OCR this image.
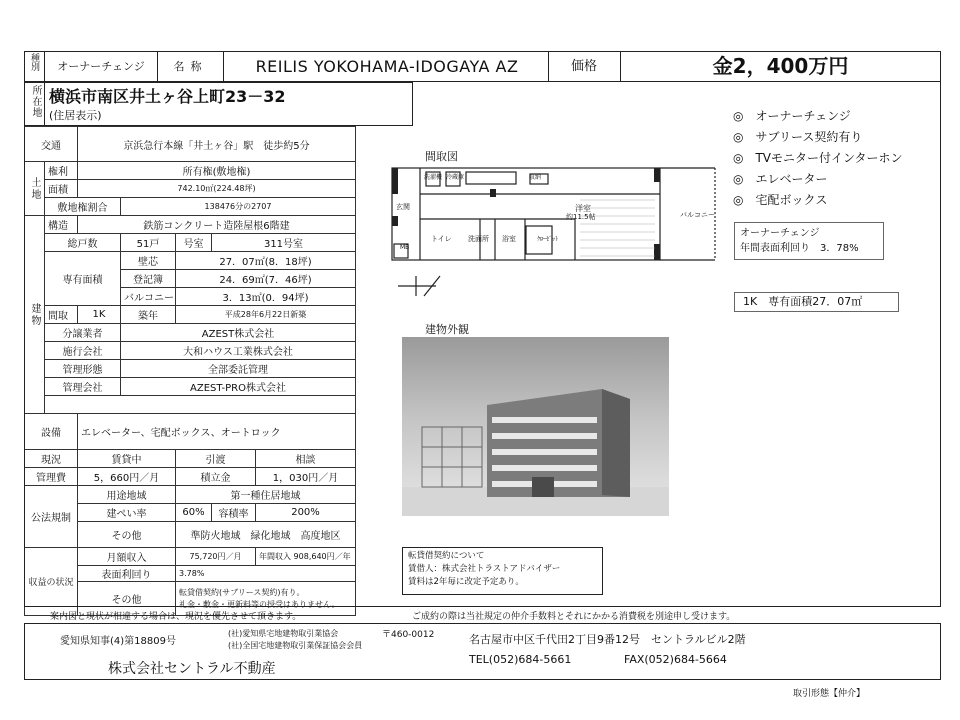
種別	オーナーチェンジ	名称	REILIS YOKOHAMA-IDOGAYA AZ	価格	金2，400万円
所在地 横浜市南区井土ヶ谷上町23－32
(住居表示)
交通		京浜急行本線「井土ヶ谷」駅　徒歩約5分				
土地	権利	所有権(敷地権)				
	面積	742.10㎡(224.48坪)				
	敷地権割合		138476分の2707			
建物	構造	鉄筋コンクリート造陸屋根6階建				
	総戸数		51戸	号室	311号室	
	専有面積		壁芯	27．07㎡(8．18坪)		
			登記簿	24．69㎡(7．46坪)		
			バルコニー	3．13㎡(0．94坪)		
	間取	1K	築年	平成28年6月22日新築		
	分譲業者		AZEST株式会社			
	施行会社		大和ハウス工業株式会社			
	管理形態		全部委託管理			
	管理会社		AZEST-PRO株式会社			

設備		エレベーター、宅配ボックス、オートロック				
現況		賃貸中		引渡		相談
管理費		5，660円／月		積立金		1，030円／月
公法規制		用途地域		第一種住居地域		
		建ぺい率		60%	容積率	200%
		その他		準防火地域　緑化地域　高度地区		
収益の状況		月額収入		75,720円／月		年間収入 908,640円／年
		表面利回り		3.78%		
		その他		転貸借契約(サブリース契約)有り。
礼金・敷金・更新料等の授受はありません。		
間取図
洋室
約11.5帖	バルコニー
玄関
トイレ 洗面所 浴室	ｸﾛｰｾﾞｯﾄ
洗濯機 冷蔵庫	収納
MB
◎　オーナーチェンジ
◎　サブリース契約有り
◎　TVモニター付インターホン
◎　エレベーター
◎　宅配ボックス
オーナーチェンジ
年間表面利回り　3．78%
1K　専有面積27．07㎡
建物外観
転貸借契約について
賃借人：株式会社トラストアドバイザー
賃料は2年毎に改定予定あり。
案内図と現状が相違する場合は、現況を優先させて頂きます。	ご成約の際は当社規定の仲介手数料とそれにかかる消費税を別途申し受けます。
愛知県知事(4)第18809号
(社)愛知県宅地建物取引業協会
(社)全国宅地建物取引業保証協会会員
〒460-0012	名古屋市中区千代田2丁目9番12号　セントラルビル2階
TEL(052)684-5661	FAX(052)684-5664
株式会社セントラル不動産
取引形態【仲介】
